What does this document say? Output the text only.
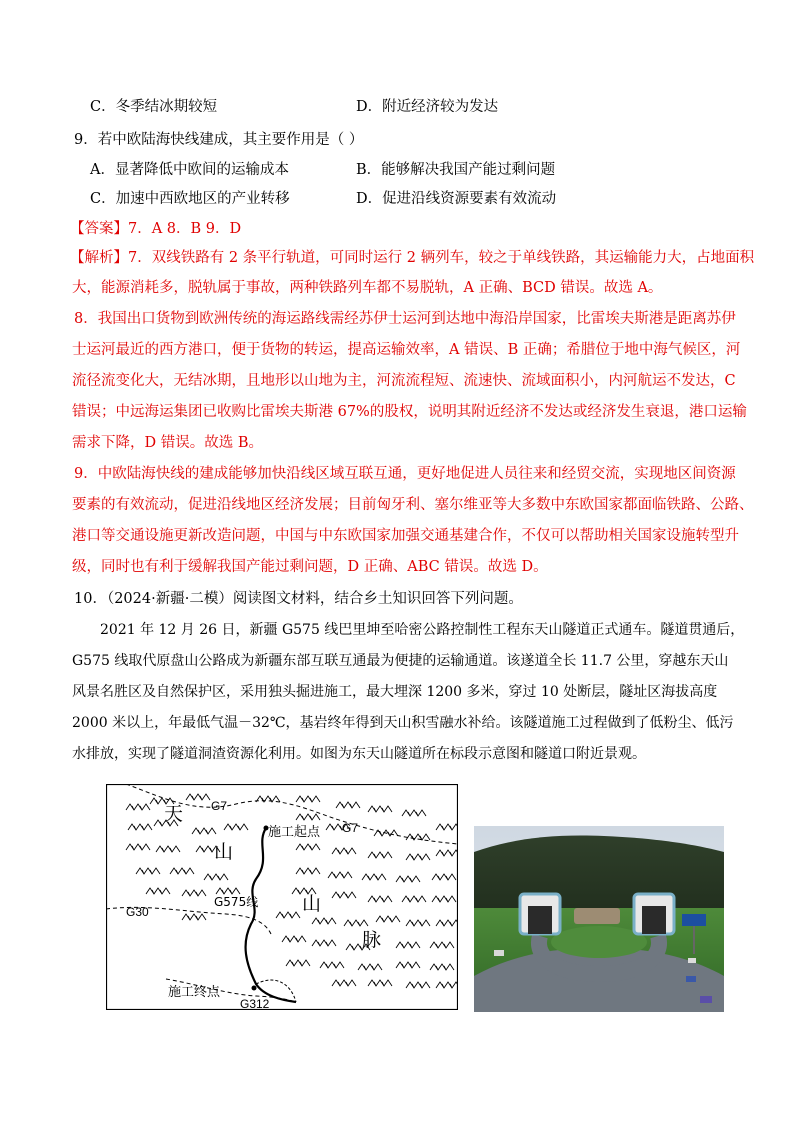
C．冬季结冰期较短	D．附近经济较为发达
9．若中欧陆海快线建成，其主要作用是（ ）
A．显著降低中欧间的运输成本	B．能够解决我国产能过剩问题
C．加速中西欧地区的产业转移	D．促进沿线资源要素有效流动
【答案】7．A 8．B 9．D
【解析】7．双线铁路有 2 条平行轨道，可同时运行 2 辆列车，较之于单线铁路，其运输能力大，占地面积
大，能源消耗多，脱轨属于事故，两种铁路列车都不易脱轨，A 正确、BCD 错误。故选 A。
8．我国出口货物到欧洲传统的海运路线需经苏伊士运河到达地中海沿岸国家，比雷埃夫斯港是距离苏伊
士运河最近的西方港口，便于货物的转运，提高运输效率，A 错误、B 正确；希腊位于地中海气候区，河
流径流变化大，无结冰期，且地形以山地为主，河流流程短、流速快、流域面积小，内河航运不发达，C
错误；中远海运集团已收购比雷埃夫斯港 67%的股权，说明其附近经济不发达或经济发生衰退，港口运输
需求下降，D 错误。故选 B。
9．中欧陆海快线的建成能够加快沿线区域互联互通，更好地促进人员往来和经贸交流，实现地区间资源
要素的有效流动，促进沿线地区经济发展；目前匈牙利、塞尔维亚等大多数中东欧国家都面临铁路、公路、
港口等交通设施更新改造问题，中国与中东欧国家加强交通基建合作，不仅可以帮助相关国家设施转型升
级，同时也有利于缓解我国产能过剩问题，D 正确、ABC 错误。故选 D。
10．（2024·新疆·二模）阅读图文材料，结合乡土知识回答下列问题。
2021 年 12 月 26 日，新疆 G575 线巴里坤至哈密公路控制性工程东天山隧道正式通车。隧道贯通后，
G575 线取代原盘山公路成为新疆东部互联互通最为便捷的运输通道。该遂道全长 11.7 公里，穿越东天山
风景名胜区及自然保护区，采用独头掘进施工，最大埋深 1200 多米，穿过 10 处断层，隧址区海拔高度
2000 米以上，年最低气温－32℃，基岩终年得到天山积雪融水补给。该隧道施工过程做到了低粉尘、低污
水排放，实现了隧道洞渣资源化利用。如图为东天山隧道所在标段示意图和隧道口附近景观。
G7
G7
施工起点
G575线
G30
施工终点
G312
天
山
山
脉
